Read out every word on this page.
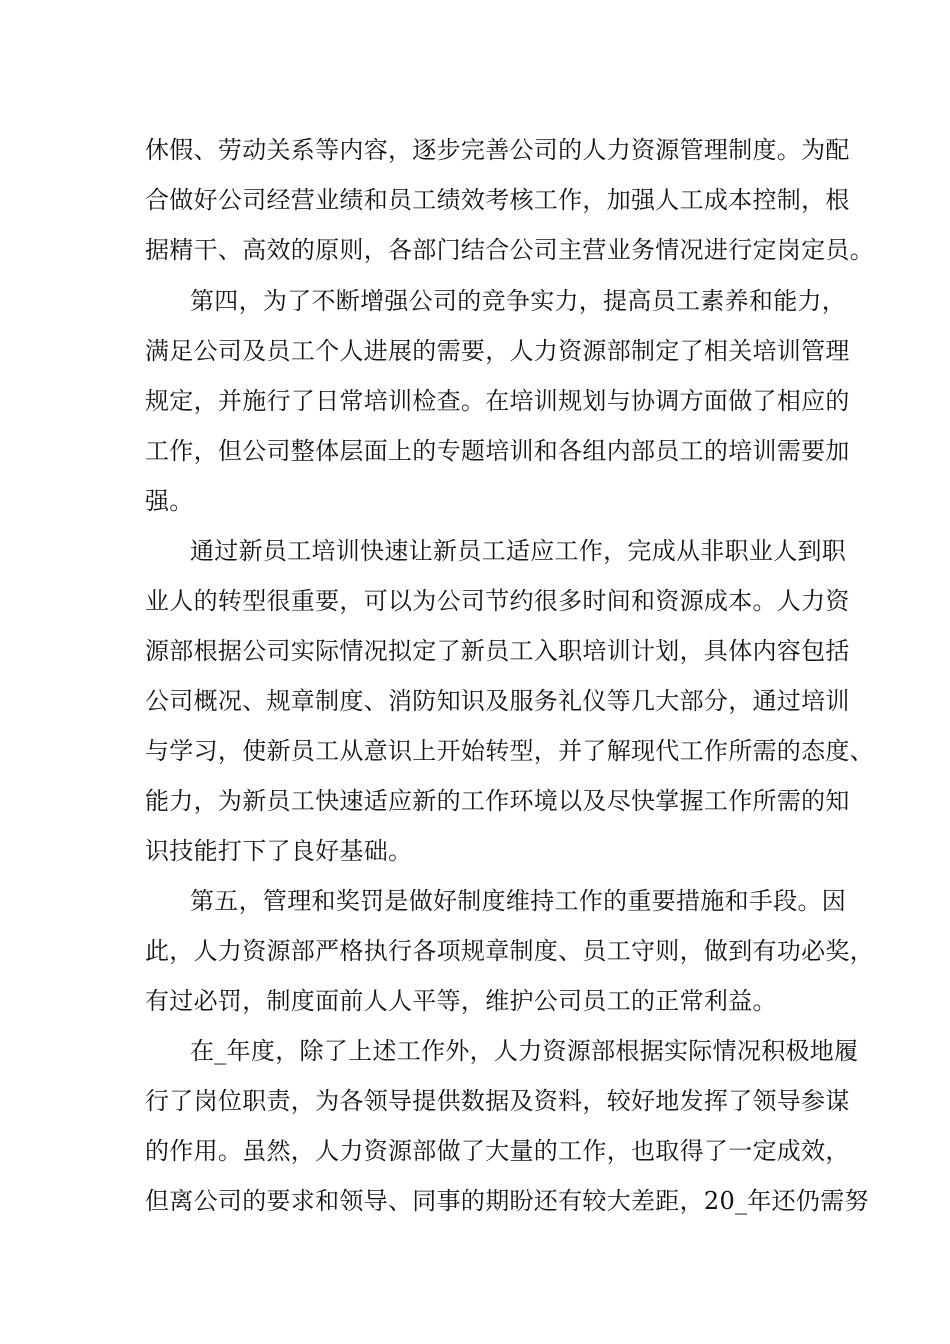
休假、劳动关系等内容，逐步完善公司的人力资源管理制度。为配
合做好公司经营业绩和员工绩效考核工作，加强人工成本控制，根
据精干、高效的原则，各部门结合公司主营业务情况进行定岗定员。
第四，为了不断增强公司的竞争实力，提高员工素养和能力，
满足公司及员工个人进展的需要，人力资源部制定了相关培训管理
规定，并施行了日常培训检查。在培训规划与协调方面做了相应的
工作，但公司整体层面上的专题培训和各组内部员工的培训需要加
强。
通过新员工培训快速让新员工适应工作，完成从非职业人到职
业人的转型很重要，可以为公司节约很多时间和资源成本。人力资
源部根据公司实际情况拟定了新员工入职培训计划，具体内容包括
公司概况、规章制度、消防知识及服务礼仪等几大部分，通过培训
与学习，使新员工从意识上开始转型，并了解现代工作所需的态度、
能力，为新员工快速适应新的工作环境以及尽快掌握工作所需的知
识技能打下了良好基础。
第五，管理和奖罚是做好制度维持工作的重要措施和手段。因
此，人力资源部严格执行各项规章制度、员工守则，做到有功必奖，
有过必罚，制度面前人人平等，维护公司员工的正常利益。
在_年度，除了上述工作外，人力资源部根据实际情况积极地履
行了岗位职责，为各领导提供数据及资料，较好地发挥了领导参谋
的作用。虽然，人力资源部做了大量的工作，也取得了一定成效，
但离公司的要求和领导、同事的期盼还有较大差距，20_年还仍需努
